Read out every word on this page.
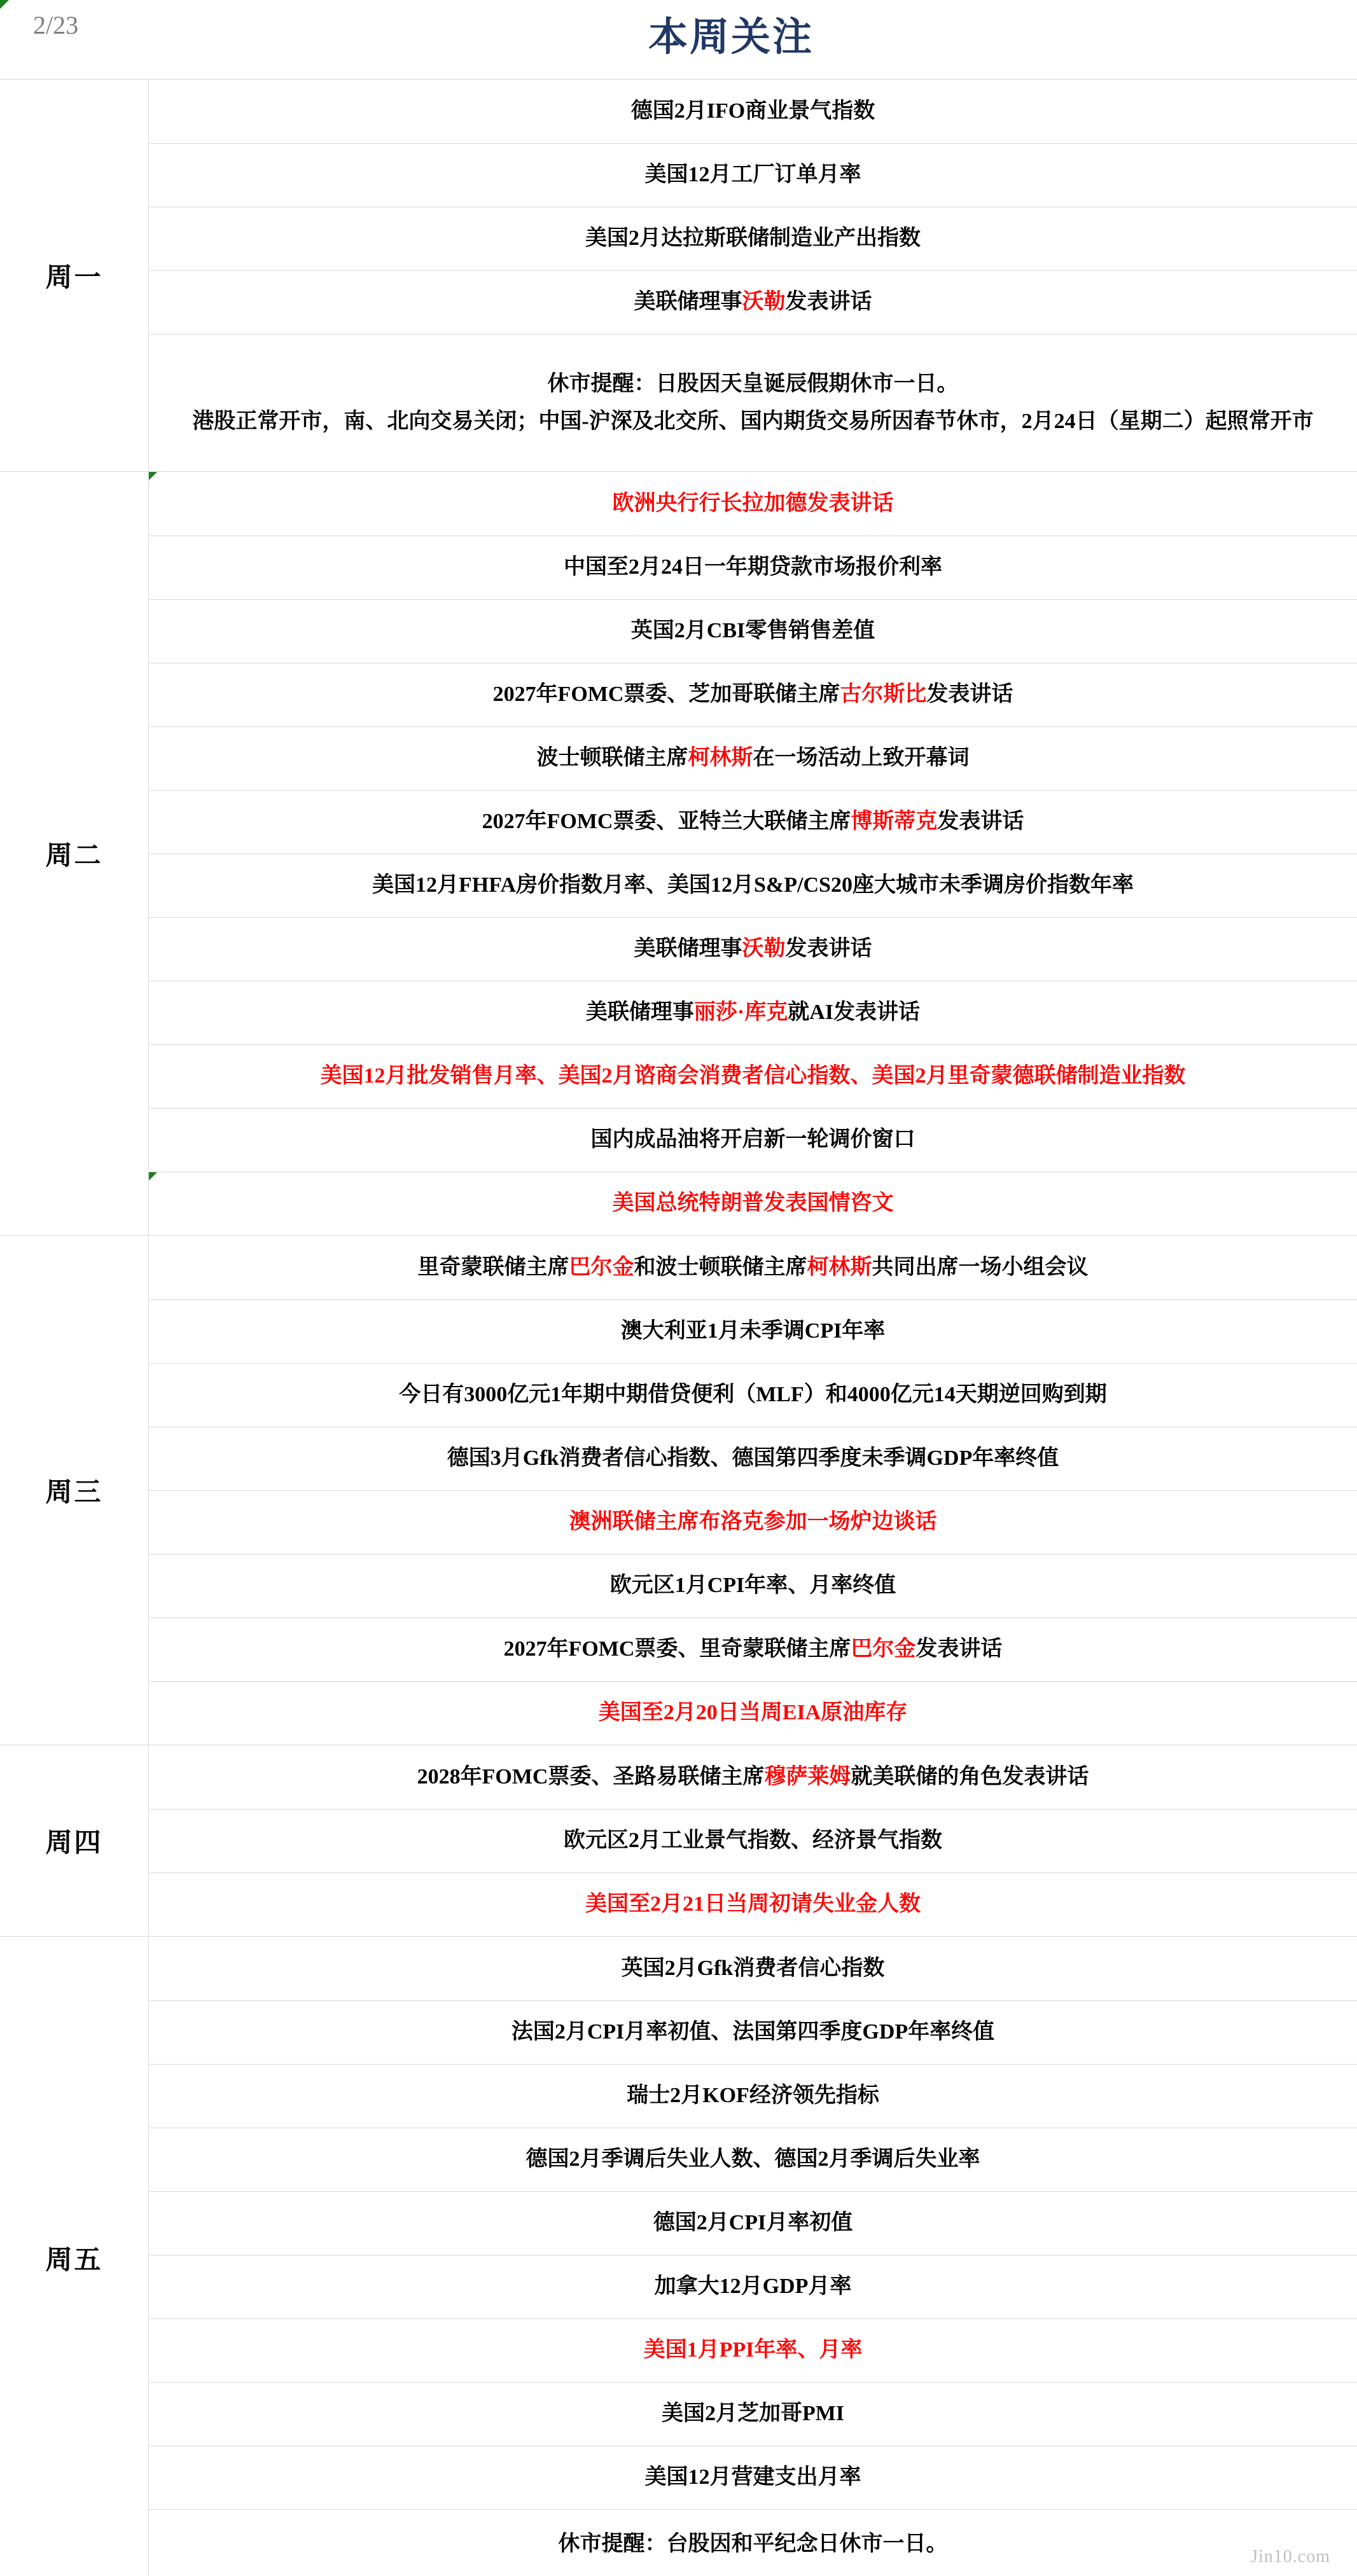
2/23	本周关注
周一
德国2月IFO商业景气指数
美国12月工厂订单月率
美国2月达拉斯联储制造业产出指数
美联储理事沃勒发表讲话
休市提醒：日股因天皇诞辰假期休市一日。
港股正常开市，南、北向交易关闭；中国-沪深及北交所、国内期货交易所因春节休市，2月24日（星期二）起照常开市
周二
欧洲央行行长拉加德发表讲话
中国至2月24日一年期贷款市场报价利率
英国2月CBI零售销售差值
2027年FOMC票委、芝加哥联储主席古尔斯比发表讲话
波士顿联储主席柯林斯在一场活动上致开幕词
2027年FOMC票委、亚特兰大联储主席博斯蒂克发表讲话
美国12月FHFA房价指数月率、美国12月S&P/CS20座大城市未季调房价指数年率
美联储理事沃勒发表讲话
美联储理事丽莎·库克就AI发表讲话
美国12月批发销售月率、美国2月谘商会消费者信心指数、美国2月里奇蒙德联储制造业指数
国内成品油将开启新一轮调价窗口
美国总统特朗普发表国情咨文
周三
里奇蒙联储主席巴尔金和波士顿联储主席柯林斯共同出席一场小组会议
澳大利亚1月未季调CPI年率
今日有3000亿元1年期中期借贷便利（MLF）和4000亿元14天期逆回购到期
德国3月Gfk消费者信心指数、德国第四季度未季调GDP年率终值
澳洲联储主席布洛克参加一场炉边谈话
欧元区1月CPI年率、月率终值
2027年FOMC票委、里奇蒙联储主席巴尔金发表讲话
美国至2月20日当周EIA原油库存
周四
2028年FOMC票委、圣路易联储主席穆萨莱姆就美联储的角色发表讲话
欧元区2月工业景气指数、经济景气指数
美国至2月21日当周初请失业金人数
周五
英国2月Gfk消费者信心指数
法国2月CPI月率初值、法国第四季度GDP年率终值
瑞士2月KOF经济领先指标
德国2月季调后失业人数、德国2月季调后失业率
德国2月CPI月率初值
加拿大12月GDP月率
美国1月PPI年率、月率
美国2月芝加哥PMI
美国12月营建支出月率
休市提醒：台股因和平纪念日休市一日。
Jin10.com
